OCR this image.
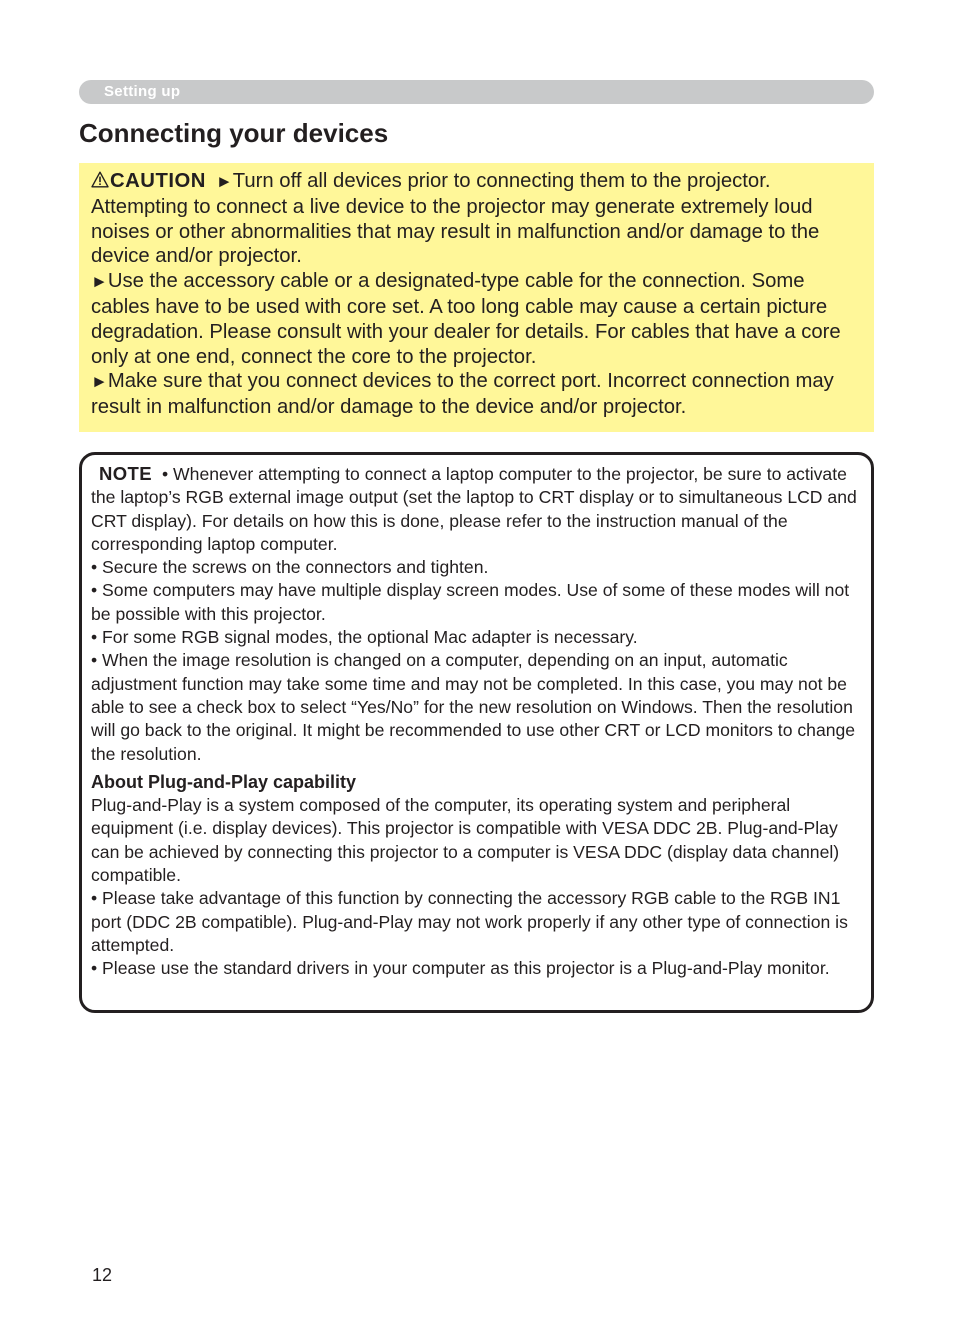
Setting up
Connecting your devices

CAUTION ►Turn off all devices prior to connecting them to the projector. Attempting to connect a live device to the projector may generate extremely loud noises or other abnormalities that may result in malfunction and/or damage to the device and/or projector.

►Use the accessory cable or a designated-type cable for the connection. Some cables have to be used with core set. A too long cable may cause a certain picture degradation. Please consult with your dealer for details. For cables that have a core only at one end, connect the core to the projector.

►Make sure that you connect devices to the correct port. Incorrect connection may result in malfunction and/or damage to the device and/or projector.

NOTE • Whenever attempting to connect a laptop computer to the projector, be sure to activate the laptop’s RGB external image output (set the laptop to CRT display or to simultaneous LCD and CRT display). For details on how this is done, please refer to the instruction manual of the corresponding laptop computer.

• Secure the screws on the connectors and tighten.

• Some computers may have multiple display screen modes. Use of some of these modes will not be possible with this projector.

• For some RGB signal modes, the optional Mac adapter is necessary.

• When the image resolution is changed on a computer, depending on an input, automatic adjustment function may take some time and may not be completed. In this case, you may not be able to see a check box to select “Yes/No” for the new resolution on Windows. Then the resolution will go back to the original. It might be recommended to use other CRT or LCD monitors to change the resolution.

About Plug-and-Play capability

Plug-and-Play is a system composed of the computer, its operating system and peripheral equipment (i.e. display devices). This projector is compatible with VESA DDC 2B. Plug-and-Play can be achieved by connecting this projector to a computer is VESA DDC (display data channel) compatible.

• Please take advantage of this function by connecting the accessory RGB cable to the RGB IN1 port (DDC 2B compatible). Plug-and-Play may not work properly if any other type of connection is attempted.

• Please use the standard drivers in your computer as this projector is a Plug-and-Play monitor.

12
